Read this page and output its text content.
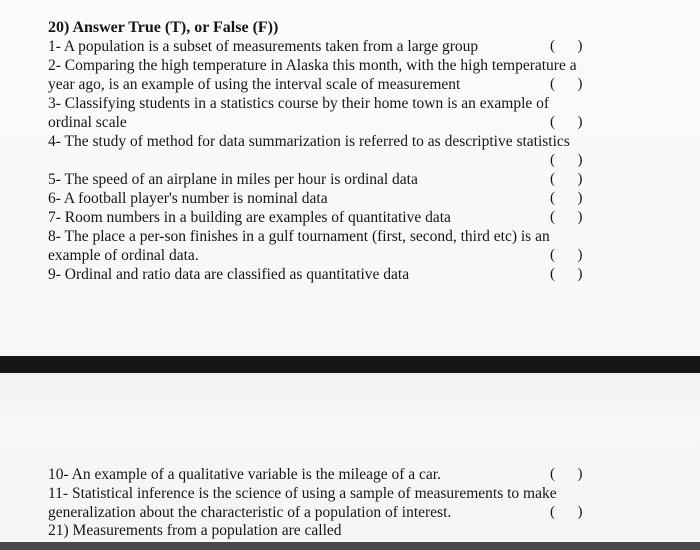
20) Answer True (T), or False (F))
1- A population is a subset of measurements taken from a large group	(      )
2- Comparing the high temperature in Alaska this month, with the high temperature a
year ago, is an example of using the interval scale of measurement	(      )
3- Classifying students in a statistics course by their home town is an example of
ordinal scale	(      )
4- The study of method for data summarization is referred to as descriptive statistics
(      )
5- The speed of an airplane in miles per hour is ordinal data	(      )
6- A football player's number is nominal data	(      )
7- Room numbers in a building are examples of quantitative data	(      )
8- The place a per-son finishes in a gulf tournament (first, second, third etc) is an
example of ordinal data.	(      )
9- Ordinal and ratio data are classified as quantitative data	(      )
10- An example of a qualitative variable is the mileage of a car.	(      )
11- Statistical inference is the science of using a sample of measurements to make
generalization about the characteristic of a population of interest.	(      )
21) Measurements from a population are called
